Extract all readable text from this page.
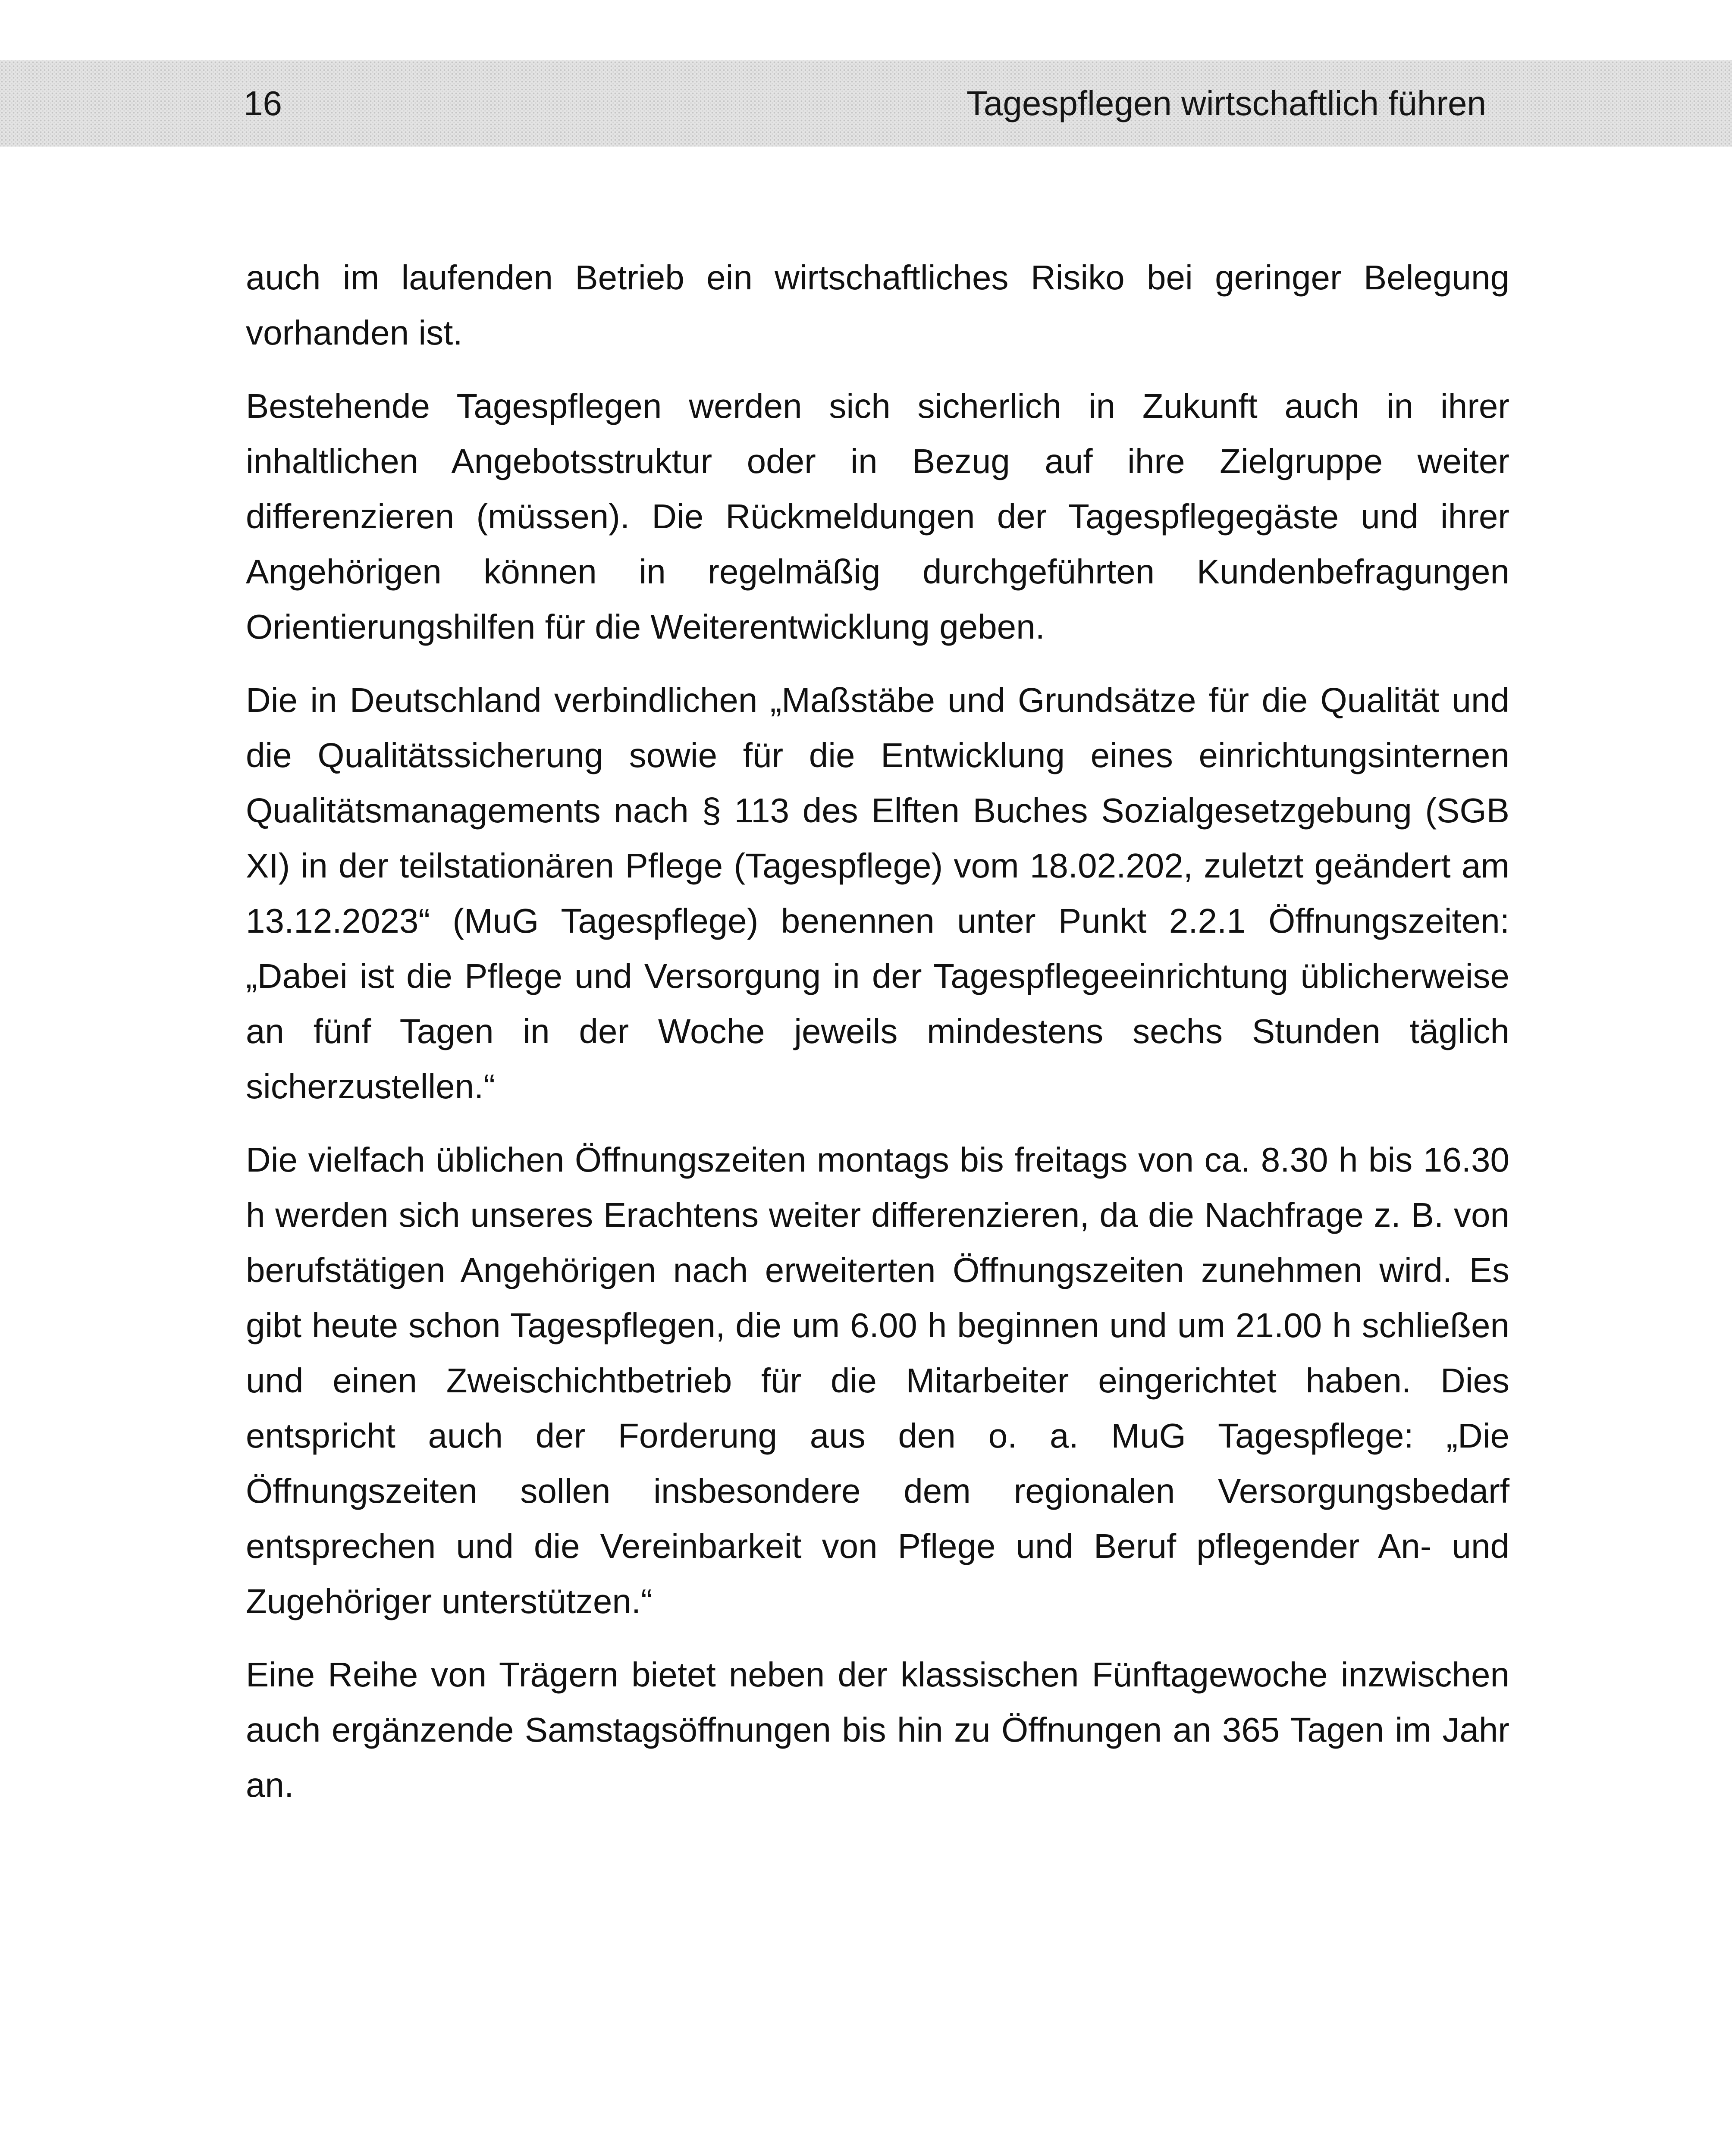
16	Tagespflegen wirtschaftlich führen

auch im laufenden Betrieb ein wirtschaftliches Risiko bei geringer Belegung vorhanden ist.

Bestehende Tagespflegen werden sich sicherlich in Zukunft auch in ihrer inhaltlichen Angebotsstruktur oder in Bezug auf ihre Zielgruppe weiter differenzieren (müssen). Die Rückmeldungen der Tagespflegegäste und ihrer Angehörigen können in regelmäßig durchgeführten Kundenbefragungen Orientierungshilfen für die Weiterentwicklung geben.

Die in Deutschland verbindlichen „Maßstäbe und Grundsätze für die Qualität und die Qualitätssicherung sowie für die Entwicklung eines einrichtungsinternen Qualitätsmanagements nach § 113 des Elften Buches Sozialgesetzgebung (SGB XI) in der teilstationären Pflege (Tagespflege) vom 18.02.202, zuletzt geändert am 13.12.2023“ (MuG Tagespflege) benennen unter Punkt 2.2.1 Öffnungszeiten: „Dabei ist die Pflege und Versorgung in der Tagespflegeeinrichtung üblicherweise an fünf Tagen in der Woche jeweils mindestens sechs Stunden täglich sicherzustellen.“

Die vielfach üblichen Öffnungszeiten montags bis freitags von ca. 8.30 h bis 16.30 h werden sich unseres Erachtens weiter differenzieren, da die Nachfrage z. B. von berufstätigen Angehörigen nach erweiterten Öffnungszeiten zunehmen wird. Es gibt heute schon Tagespflegen, die um 6.00 h beginnen und um 21.00 h schließen und einen Zweischichtbetrieb für die Mitarbeiter eingerichtet haben. Dies entspricht auch der Forderung aus den o. a. MuG Tagespflege: „Die Öffnungszeiten sollen insbesondere dem regionalen Versorgungsbedarf entsprechen und die Vereinbarkeit von Pflege und Beruf pflegender An- und Zugehöriger unterstützen.“

Eine Reihe von Trägern bietet neben der klassischen Fünftagewoche inzwischen auch ergänzende Samstagsöffnungen bis hin zu Öffnungen an 365 Tagen im Jahr an.
